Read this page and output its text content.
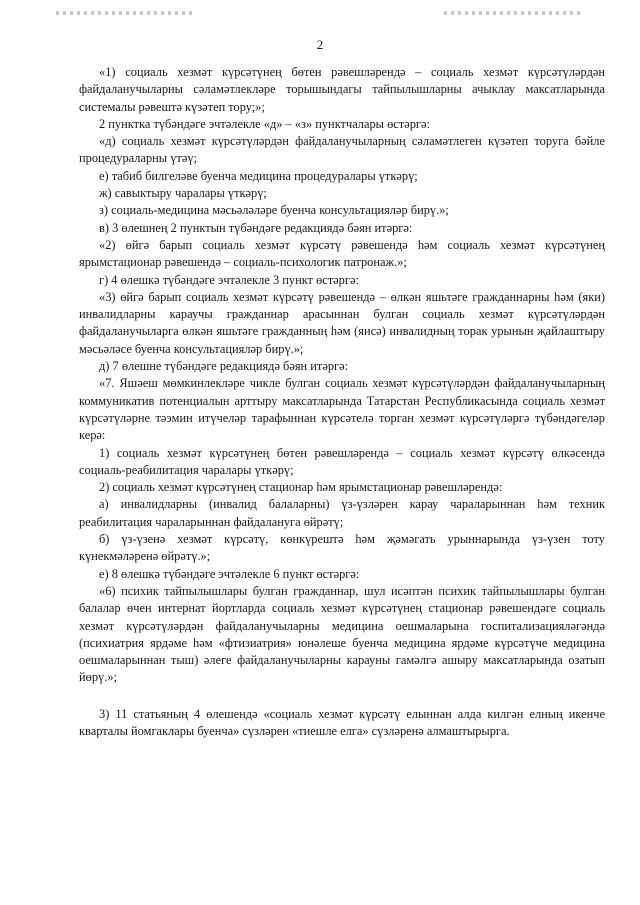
2

«1) социаль хезмәт күрсәтүнең бөтен рәвешләрендә – социаль хезмәт күрсәтүләрдән файдаланучыларны сәламәтлекләре торышындагы тайпылышларны ачыклау максатларында системалы рәвештә күзәтеп тору;»;

2 пунктка түбәндәге эчтәлекле «д» – «з» пунктчалары өстәргә:

«д) социаль хезмәт күрсәтүләрдән файдаланучыларның сәламәтлеген күзәтеп торуга бәйле процедураларны үтәү;

е) табиб билгеләве буенча медицина процедуралары үткәрү;

ж) савыктыру чаралары үткәрү;

з) социаль-медицина мәсьәләләре буенча консультацияләр бирү.»;

в) 3 өлешнең 2 пунктын түбәндәге редакциядә бәян итәргә:

«2) өйгә барып социаль хезмәт күрсәтү рәвешендә һәм социаль хезмәт күрсәтүнең ярымстационар рәвешендә – социаль-психологик патронаж.»;

г) 4 өлешкә түбәндәге эчтәлекле 3 пункт өстәргә:

«3) өйгә барып социаль хезмәт күрсәтү рәвешендә – өлкән яшьтәге гражданнарны һәм (яки) инвалидларны караучы гражданнар арасыннан булган социаль хезмәт күрсәтүләрдән файдаланучыларга өлкән яшьтәге гражданның һәм (яисә) инвалидның торак урынын җайлаштыру мәсьәләсе буенча консультацияләр бирү.»;

д) 7 өлешне түбәндәге редакциядә бәян итәргә:

«7. Яшәеш мөмкинлекләре чикле булган социаль хезмәт күрсәтүләрдән файдаланучыларның коммуникатив потенциалын арттыру максатларында Татарстан Республикасында социаль хезмәт күрсәтүләрне тәэмин итүчеләр тарафыннан күрсәтелә торган хезмәт күрсәтүләргә түбәндәгеләр керә:

1) социаль хезмәт күрсәтүнең бөтен рәвешләрендә – социаль хезмәт күрсәтү өлкәсендә социаль-реабилитация чаралары үткәрү;

2) социаль хезмәт күрсәтүнең стационар һәм ярымстационар рәвешләрендә:

а) инвалидларны (инвалид балаларны) үз-үзләрен карау чараларыннан һәм техник реабилитация чараларыннан файдалануга өйрәтү;

б) үз-үзенә хезмәт күрсәтү, көнкүрештә һәм җәмәгать урыннарында үз-үзен тоту күнекмәләренә өйрәтү.»;

е) 8 өлешкә түбәндәге эчтәлекле 6 пункт өстәргә:

«6) психик тайпылышлары булган гражданнар, шул исәптән психик тайпылышлары булган балалар өчен интернат йортларда социаль хезмәт күрсәтүнең стационар рәвешендәге социаль хезмәт күрсәтүләрдән файдаланучыларны медицина оешмаларына госпитализацияләгәндә (психиатрия ярдәме һәм «фтизиатрия» юнәлеше буенча медицина ярдәме күрсәтүче медицина оешмаларыннан тыш) әлеге файдаланучыларны карауны гамәлгә ашыру максатларында озатып йөрү.»;

3) 11 статьяның 4 өлешендә «социаль хезмәт күрсәтү елыннан алда килгән елның икенче кварталы йомгаклары буенча» сүзләрен «тиешле елга» сүзләренә алмаштырырга.
